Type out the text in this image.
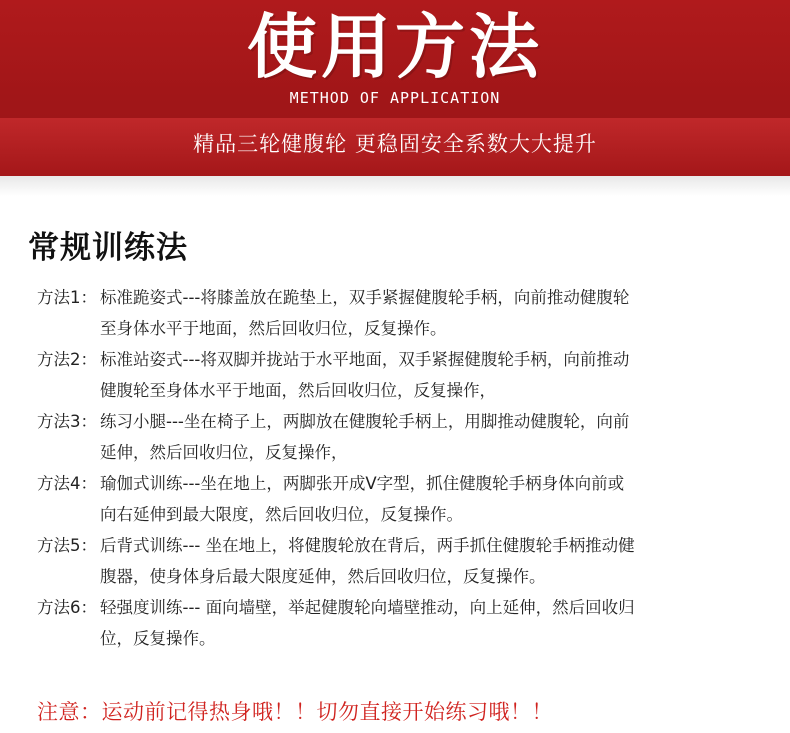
使用方法
METHOD OF APPLICATION
精品三轮健腹轮 更稳固安全系数大大提升
常规训练法
方法1： 标准跪姿式---将膝盖放在跪垫上，双手紧握健腹轮手柄，向前推动健腹轮
至身体水平于地面，然后回收归位，反复操作。
方法2： 标准站姿式---将双脚并拢站于水平地面，双手紧握健腹轮手柄，向前推动
健腹轮至身体水平于地面，然后回收归位，反复操作，
方法3： 练习小腿---坐在椅子上，两脚放在健腹轮手柄上，用脚推动健腹轮，向前
延伸，然后回收归位，反复操作，
方法4： 瑜伽式训练---坐在地上，两脚张开成V字型，抓住健腹轮手柄身体向前或
向右延伸到最大限度，然后回收归位，反复操作。
方法5： 后背式训练--- 坐在地上，将健腹轮放在背后，两手抓住健腹轮手柄推动健
腹器，使身体身后最大限度延伸，然后回收归位，反复操作。
方法6： 轻强度训练--- 面向墙壁，举起健腹轮向墙壁推动，向上延伸，然后回收归
位，反复操作。
注意：运动前记得热身哦！！切勿直接开始练习哦！！
